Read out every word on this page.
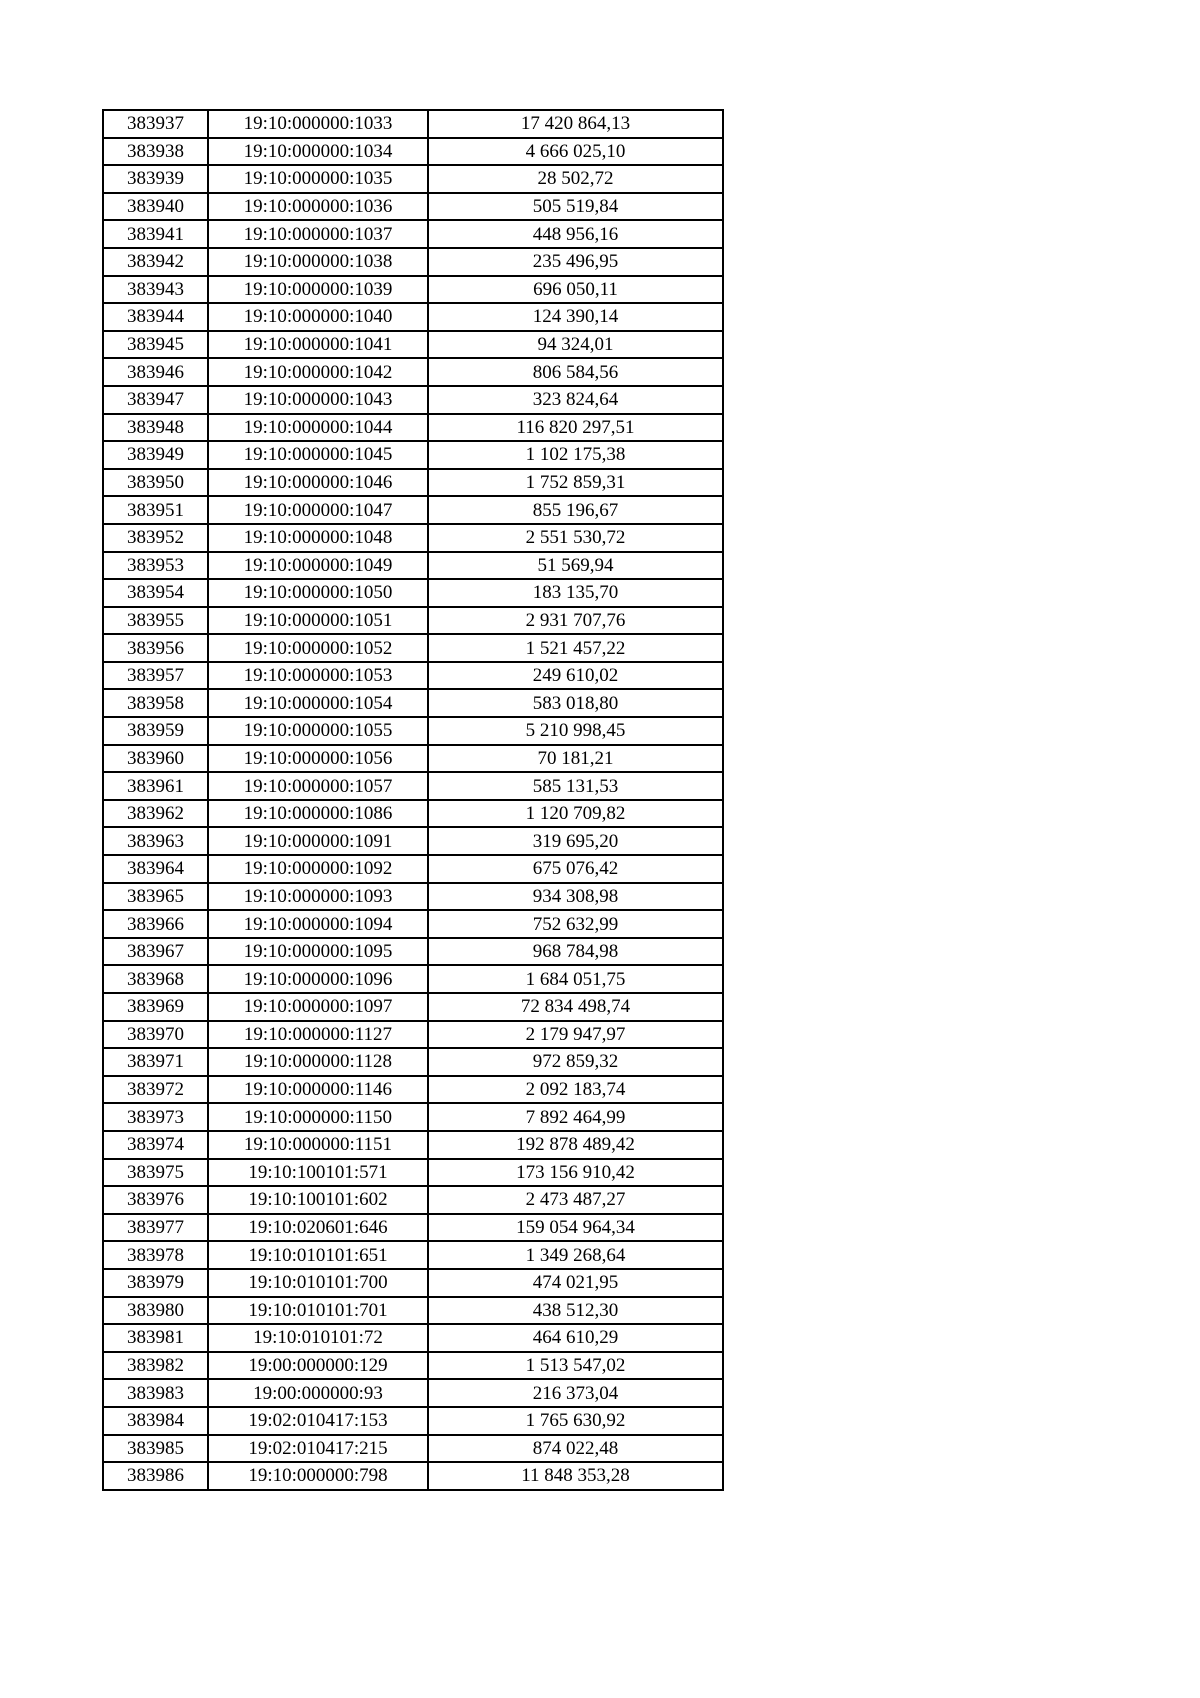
383937	19:10:000000:1033	17 420 864,13
383938	19:10:000000:1034	4 666 025,10
383939	19:10:000000:1035	28 502,72
383940	19:10:000000:1036	505 519,84
383941	19:10:000000:1037	448 956,16
383942	19:10:000000:1038	235 496,95
383943	19:10:000000:1039	696 050,11
383944	19:10:000000:1040	124 390,14
383945	19:10:000000:1041	94 324,01
383946	19:10:000000:1042	806 584,56
383947	19:10:000000:1043	323 824,64
383948	19:10:000000:1044	116 820 297,51
383949	19:10:000000:1045	1 102 175,38
383950	19:10:000000:1046	1 752 859,31
383951	19:10:000000:1047	855 196,67
383952	19:10:000000:1048	2 551 530,72
383953	19:10:000000:1049	51 569,94
383954	19:10:000000:1050	183 135,70
383955	19:10:000000:1051	2 931 707,76
383956	19:10:000000:1052	1 521 457,22
383957	19:10:000000:1053	249 610,02
383958	19:10:000000:1054	583 018,80
383959	19:10:000000:1055	5 210 998,45
383960	19:10:000000:1056	70 181,21
383961	19:10:000000:1057	585 131,53
383962	19:10:000000:1086	1 120 709,82
383963	19:10:000000:1091	319 695,20
383964	19:10:000000:1092	675 076,42
383965	19:10:000000:1093	934 308,98
383966	19:10:000000:1094	752 632,99
383967	19:10:000000:1095	968 784,98
383968	19:10:000000:1096	1 684 051,75
383969	19:10:000000:1097	72 834 498,74
383970	19:10:000000:1127	2 179 947,97
383971	19:10:000000:1128	972 859,32
383972	19:10:000000:1146	2 092 183,74
383973	19:10:000000:1150	7 892 464,99
383974	19:10:000000:1151	192 878 489,42
383975	19:10:100101:571	173 156 910,42
383976	19:10:100101:602	2 473 487,27
383977	19:10:020601:646	159 054 964,34
383978	19:10:010101:651	1 349 268,64
383979	19:10:010101:700	474 021,95
383980	19:10:010101:701	438 512,30
383981	19:10:010101:72	464 610,29
383982	19:00:000000:129	1 513 547,02
383983	19:00:000000:93	216 373,04
383984	19:02:010417:153	1 765 630,92
383985	19:02:010417:215	874 022,48
383986	19:10:000000:798	11 848 353,28
